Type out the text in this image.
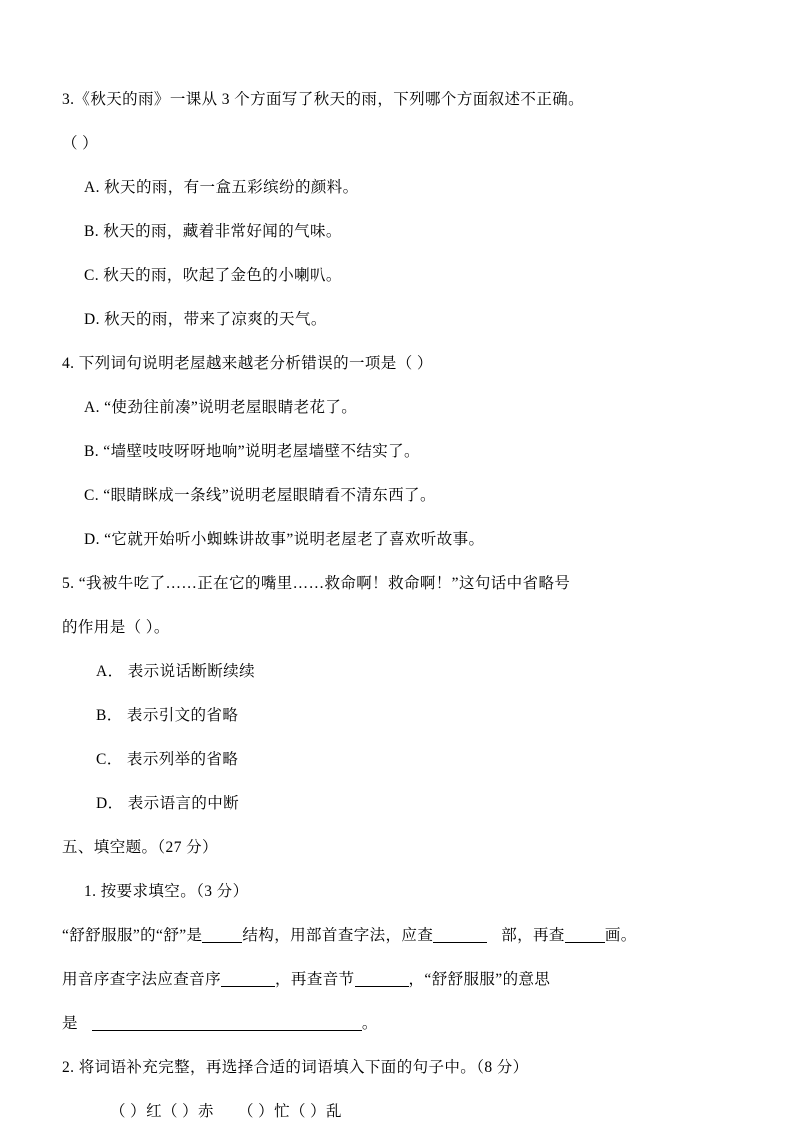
3.《秋天的雨》一课从 3 个方面写了秋天的雨，下列哪个方面叙述不正确。
（ ）
A. 秋天的雨，有一盒五彩缤纷的颜料。
B. 秋天的雨，藏着非常好闻的气味。
C. 秋天的雨，吹起了金色的小喇叭。
D. 秋天的雨，带来了凉爽的天气。
4. 下列词句说明老屋越来越老分析错误的一项是（ ）
A. “使劲往前凑”说明老屋眼睛老花了。
B. “墙壁吱吱呀呀地响”说明老屋墙壁不结实了。
C. “眼睛眯成一条线”说明老屋眼睛看不清东西了。
D. “它就开始听小蜘蛛讲故事”说明老屋老了喜欢听故事。
5. “我被牛吃了……正在它的嘴里……救命啊！救命啊！”这句话中省略号
的作用是（ ）。
A． 表示说话断断续续
B． 表示引文的省略
C． 表示列举的省略
D． 表示语言的中断
五、填空题。（27 分）
1. 按要求填空。（3 分）
“舒舒服服”的“舒”是	结构，用部首查字法，应查	部，再查	画。
用音序查字法应查音序	，再查音节	，“舒舒服服”的意思
是	。
2. 将词语补充完整，再选择合适的词语填入下面的句子中。（8 分）
（ ）红（ ）赤　　（ ）忙（ ）乱
